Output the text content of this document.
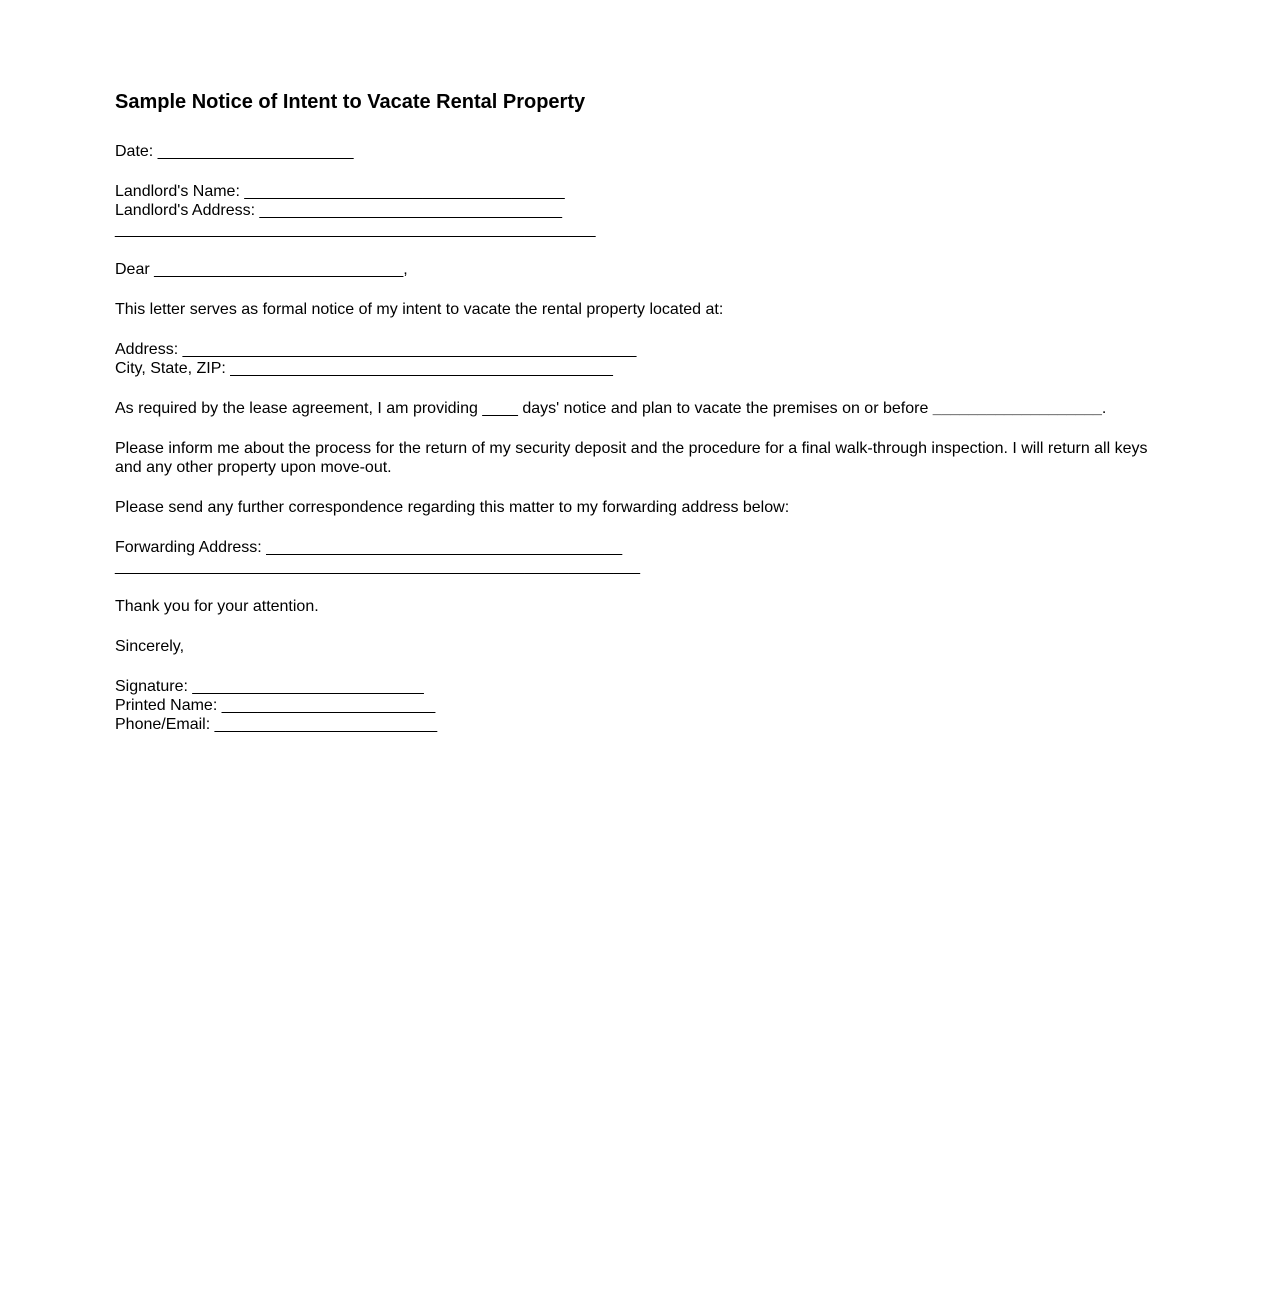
Sample Notice of Intent to Vacate Rental Property

Date: ______________________

Landlord's Name: ____________________________________
Landlord's Address: __________________________________
______________________________________________________

Dear ____________________________,

This letter serves as formal notice of my intent to vacate the rental property located at:

Address: ___________________________________________________
City, State, ZIP: ___________________________________________

As required by the lease agreement, I am providing ____ days' notice and plan to vacate the premises on or before ___________________.

Please inform me about the process for the return of my security deposit and the procedure for a final walk-through inspection. I will return all keys and any other property upon move-out.

Please send any further correspondence regarding this matter to my forwarding address below:

Forwarding Address: ________________________________________
___________________________________________________________

Thank you for your attention.

Sincerely,

Signature: __________________________
Printed Name: ________________________
Phone/Email: _________________________
